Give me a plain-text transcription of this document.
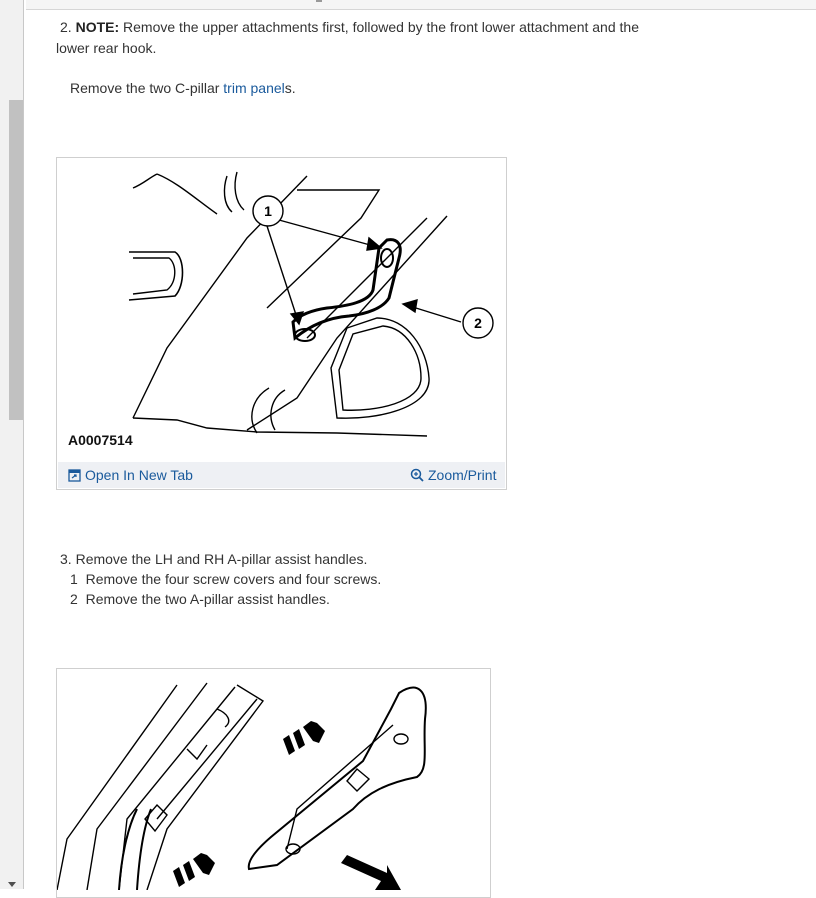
2. NOTE: Remove the upper attachments first, followed by the front lower attachment and the
lower rear hook.
Remove the two C-pillar trim panels.
1
2
A0007514
Open In New Tab	Zoom/Print
3. Remove the LH and RH A-pillar assist handles.
1 Remove the four screw covers and four screws.
2 Remove the two A-pillar assist handles.
